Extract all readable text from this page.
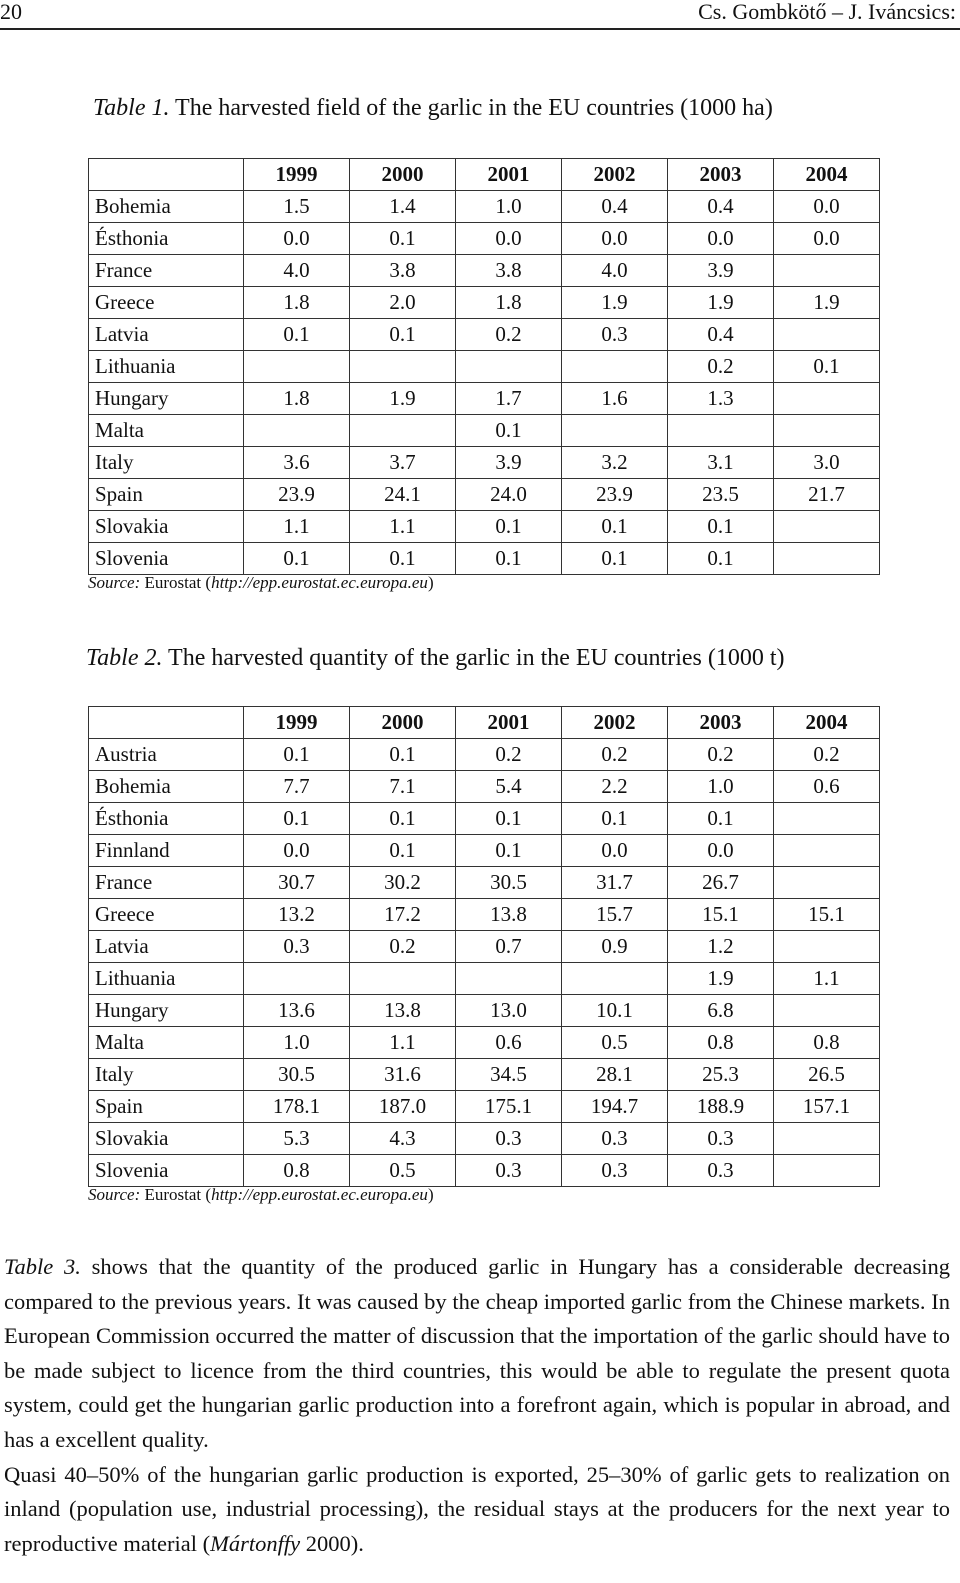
20	Cs. Gombkötő – J. Iváncsics:
Table 1. The harvested field of the garlic in the EU countries (1000 ha)
	1999	2000	2001	2002	2003	2004
Bohemia	1.5	1.4	1.0	0.4	0.4	0.0
Ésthonia	0.0	0.1	0.0	0.0	0.0	0.0
France	4.0	3.8	3.8	4.0	3.9	
Greece	1.8	2.0	1.8	1.9	1.9	1.9
Latvia	0.1	0.1	0.2	0.3	0.4	
Lithuania					0.2	0.1
Hungary	1.8	1.9	1.7	1.6	1.3	
Malta			0.1			
Italy	3.6	3.7	3.9	3.2	3.1	3.0
Spain	23.9	24.1	24.0	23.9	23.5	21.7
Slovakia	1.1	1.1	0.1	0.1	0.1	
Slovenia	0.1	0.1	0.1	0.1	0.1	
Source: Eurostat (http://epp.eurostat.ec.europa.eu)
Table 2. The harvested quantity of the garlic in the EU countries (1000 t)
	1999	2000	2001	2002	2003	2004
Austria	0.1	0.1	0.2	0.2	0.2	0.2
Bohemia	7.7	7.1	5.4	2.2	1.0	0.6
Ésthonia	0.1	0.1	0.1	0.1	0.1	
Finnland	0.0	0.1	0.1	0.0	0.0	
France	30.7	30.2	30.5	31.7	26.7	
Greece	13.2	17.2	13.8	15.7	15.1	15.1
Latvia	0.3	0.2	0.7	0.9	1.2	
Lithuania					1.9	1.1
Hungary	13.6	13.8	13.0	10.1	6.8	
Malta	1.0	1.1	0.6	0.5	0.8	0.8
Italy	30.5	31.6	34.5	28.1	25.3	26.5
Spain	178.1	187.0	175.1	194.7	188.9	157.1
Slovakia	5.3	4.3	0.3	0.3	0.3	
Slovenia	0.8	0.5	0.3	0.3	0.3	
Source: Eurostat (http://epp.eurostat.ec.europa.eu)

Table 3. shows that the quantity of the produced garlic in Hungary has a considerable decreasing compared to the previous years. It was caused by the cheap imported garlic from the Chinese markets. In European Commission occurred the matter of discussion that the importation of the garlic should have to be made subject to licence from the third countries, this would be able to regulate the present quota system, could get the hungarian garlic production into a forefront again, which is popular in abroad, and has a excellent quality.

Quasi 40–50% of the hungarian garlic production is exported, 25–30% of garlic gets to realization on inland (population use, industrial processing), the residual stays at the producers for the next year to reproductive material (Mártonffy 2000).
